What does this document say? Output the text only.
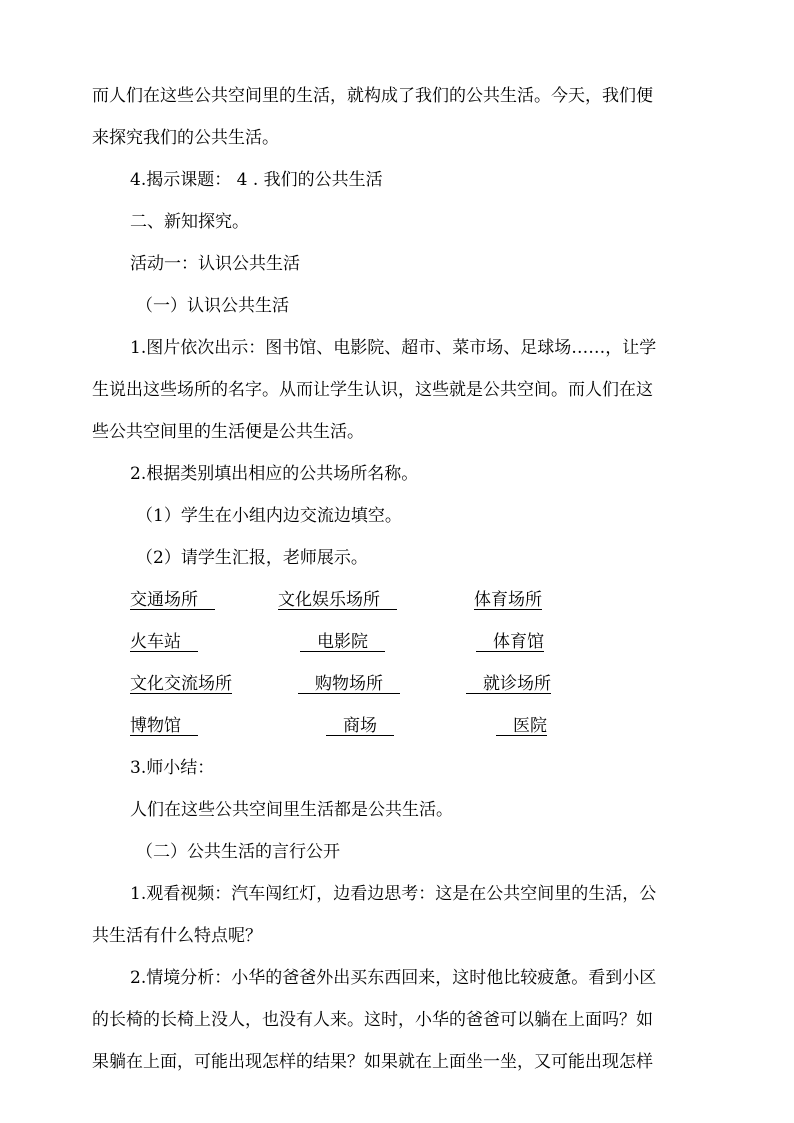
而人们在这些公共空间里的生活，就构成了我们的公共生活。今天，我们便
来探究我们的公共生活。
4.揭示课题： 4 . 我们的公共生活
二、新知探究。
活动一：认识公共生活
（一）认识公共生活
1.图片依次出示：图书馆、电影院、超市、菜市场、足球场……，让学
生说出这些场所的名字。从而让学生认识，这些就是公共空间。而人们在这
些公共空间里的生活便是公共生活。
2.根据类别填出相应的公共场所名称。
（1）学生在小组内边交流边填空。
（2）请学生汇报，老师展示。
交通场所　	文化娱乐场所　	体育场所
火车站　	　电影院　	　体育馆
文化交流场所	　购物场所　	　就诊场所
博物馆　	　商场　	　医院
3.师小结：
人们在这些公共空间里生活都是公共生活。
（二）公共生活的言行公开
1.观看视频：汽车闯红灯，边看边思考：这是在公共空间里的生活，公
共生活有什么特点呢？
2.情境分析：小华的爸爸外出买东西回来，这时他比较疲惫。看到小区
的长椅的长椅上没人，也没有人来。这时，小华的爸爸可以躺在上面吗？如
果躺在上面，可能出现怎样的结果？如果就在上面坐一坐，又可能出现怎样
